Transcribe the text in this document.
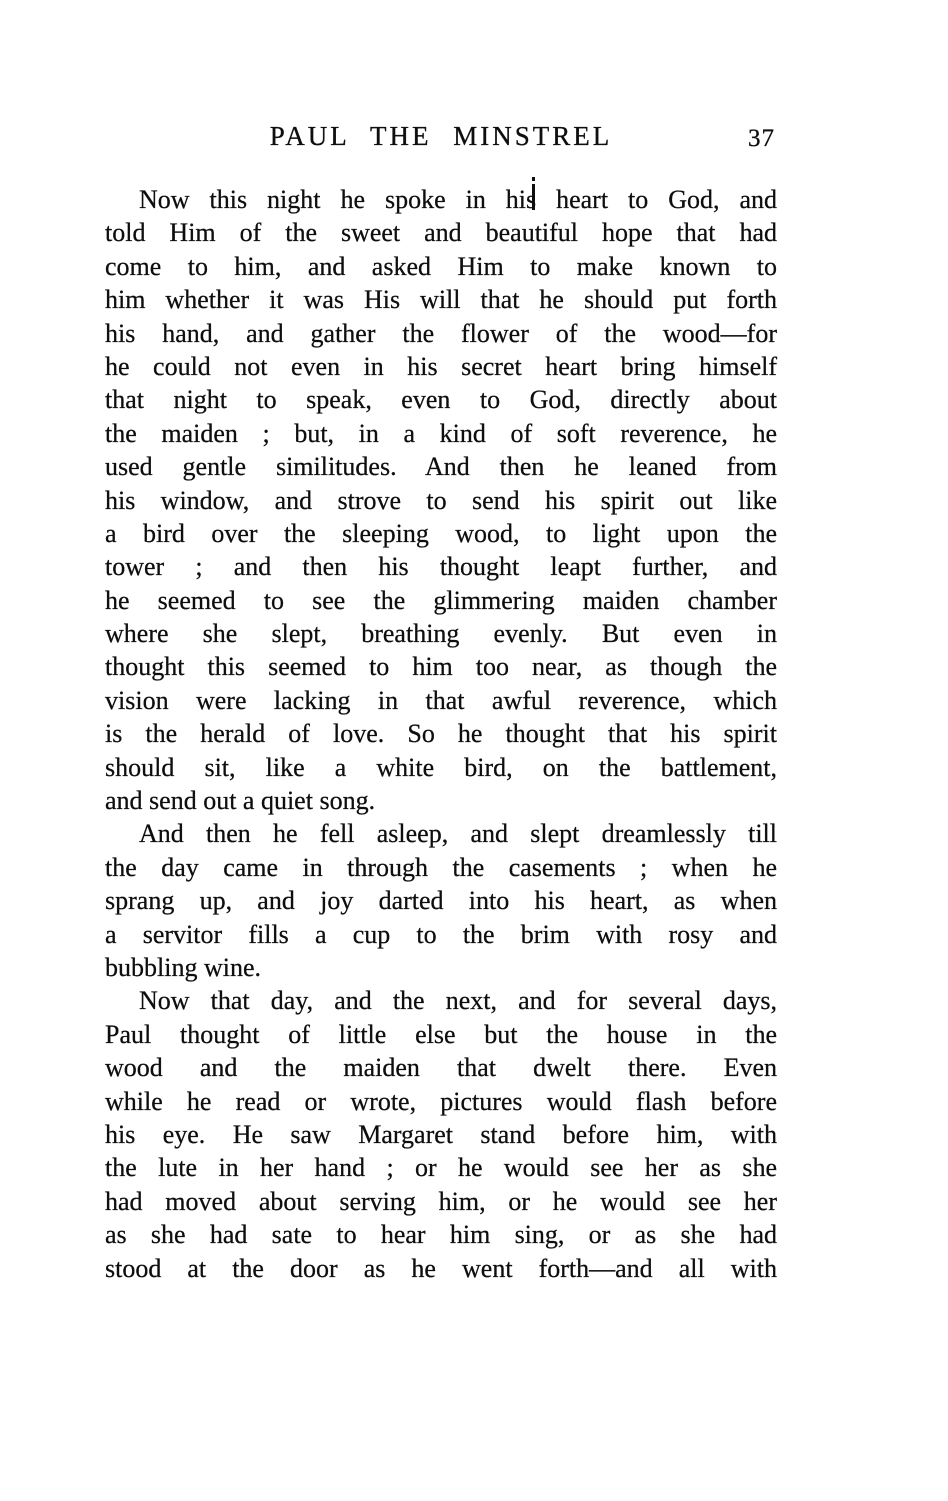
PAUL THE MINSTREL	37
Now this night he spoke in his heart to God, and
told Him of the sweet and beautiful hope that had
come to him, and asked Him to make known to
him whether it was His will that he should put forth
his hand, and gather the flower of the wood—for
he could not even in his secret heart bring himself
that night to speak, even to God, directly about
the maiden ; but, in a kind of soft reverence, he
used gentle similitudes. And then he leaned from
his window, and strove to send his spirit out like
a bird over the sleeping wood, to light upon the
tower ; and then his thought leapt further, and
he seemed to see the glimmering maiden chamber
where she slept, breathing evenly. But even in
thought this seemed to him too near, as though the
vision were lacking in that awful reverence, which
is the herald of love. So he thought that his spirit
should sit, like a white bird, on the battlement,
and send out a quiet song.
And then he fell asleep, and slept dreamlessly till
the day came in through the casements ; when he
sprang up, and joy darted into his heart, as when
a servitor fills a cup to the brim with rosy and
bubbling wine.
Now that day, and the next, and for several days,
Paul thought of little else but the house in the
wood and the maiden that dwelt there. Even
while he read or wrote, pictures would flash before
his eye. He saw Margaret stand before him, with
the lute in her hand ; or he would see her as she
had moved about serving him, or he would see her
as she had sate to hear him sing, or as she had
stood at the door as he went forth—and all with
